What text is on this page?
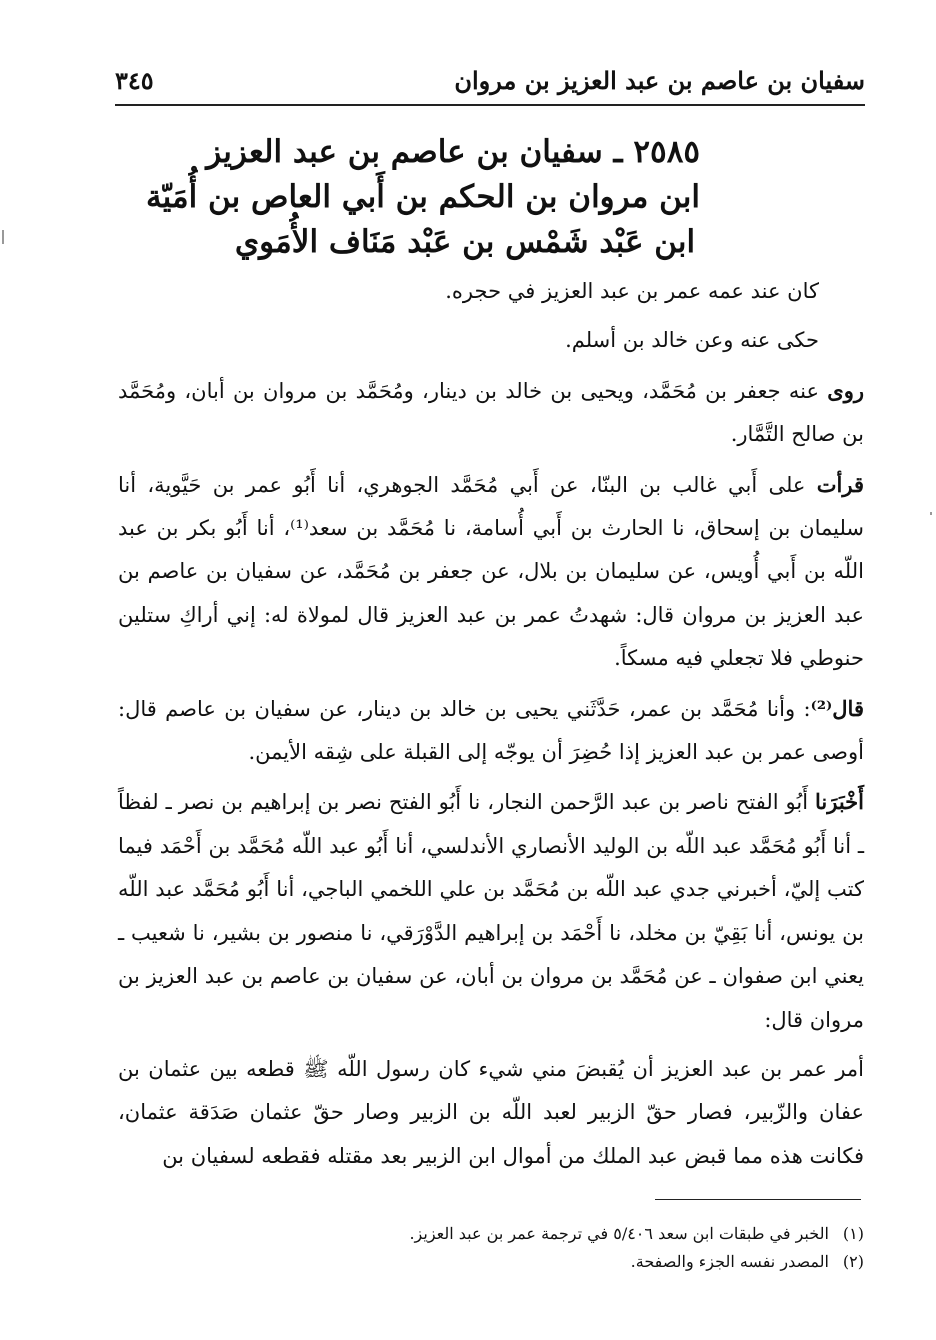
سفيان بن عاصم بن عبد العزيز بن مروان
٣٤٥
٢٥٨٥ ـ سفيان بن عاصم بن عبد العزيز
ابن مروان بن الحكم بن أَبي العاص بن أُمَيّة
ابن عَبْد شَمْس بن عَبْد مَنَاف الأُمَوي

كان عند عمه عمر بن عبد العزيز في حجره.

حكى عنه وعن خالد بن أسلم.

روى عنه جعفر بن مُحَمَّد، ويحيى بن خالد بن دينار، ومُحَمَّد بن مروان بن أبان، ومُحَمَّد بن صالح التَّمَّار.

قرأت على أَبي غالب بن البنّا، عن أَبي مُحَمَّد الجوهري، أنا أَبُو عمر بن حَيَّوية، أنا سليمان بن إسحاق، نا الحارث بن أَبي أُسامة، نا مُحَمَّد بن سعد⁽¹⁾، أنا أَبُو بكر بن عبد اللّه بن أَبي أُويس، عن سليمان بن بلال، عن جعفر بن مُحَمَّد، عن سفيان بن عاصم بن عبد العزيز بن مروان قال: شهدتُ عمر بن عبد العزيز قال لمولاة له: إني أراكِ ستلين حنوطي فلا تجعلي فيه مسكاً.

قال⁽²⁾: وأنا مُحَمَّد بن عمر، حَدَّثَني يحيى بن خالد بن دينار، عن سفيان بن عاصم قال: أوصى عمر بن عبد العزيز إذا حُضِرَ أن يوجّه إلى القبلة على شِقه الأيمن.

أَخْبَرَنا أَبُو الفتح ناصر بن عبد الرَّحمن النجار، نا أَبُو الفتح نصر بن إبراهيم بن نصر ـ لفظاً ـ أنا أَبُو مُحَمَّد عبد اللّه بن الوليد الأنصاري الأندلسي، أنا أَبُو عبد اللّه مُحَمَّد بن أَحْمَد فيما كتب إليّ، أخبرني جدي عبد اللّه بن مُحَمَّد بن علي اللخمي الباجي، أنا أَبُو مُحَمَّد عبد اللّه بن يونس، أنا بَقِيّ بن مخلد، نا أَحْمَد بن إبراهيم الدَّوْرَقي، نا منصور بن بشير، نا شعيب ـ يعني ابن صفوان ـ عن مُحَمَّد بن مروان بن أبان، عن سفيان بن عاصم بن عبد العزيز بن مروان قال:

أمر عمر بن عبد العزيز أن يُقبضَ مني شيء كان رسول اللّه ﷺ قطعه بين عثمان بن عفان والزّبير، فصار حقّ الزبير لعبد اللّه بن الزبير وصار حقّ عثمان صَدَقة عثمان، فكانت هذه مما قبض عبد الملك من أموال ابن الزبير بعد مقتله فقطعه لسفيان بن

(١)الخبر في طبقات ابن سعد ٥/٤٠٦ في ترجمة عمر بن عبد العزيز.
(٢)المصدر نفسه الجزء والصفحة.
